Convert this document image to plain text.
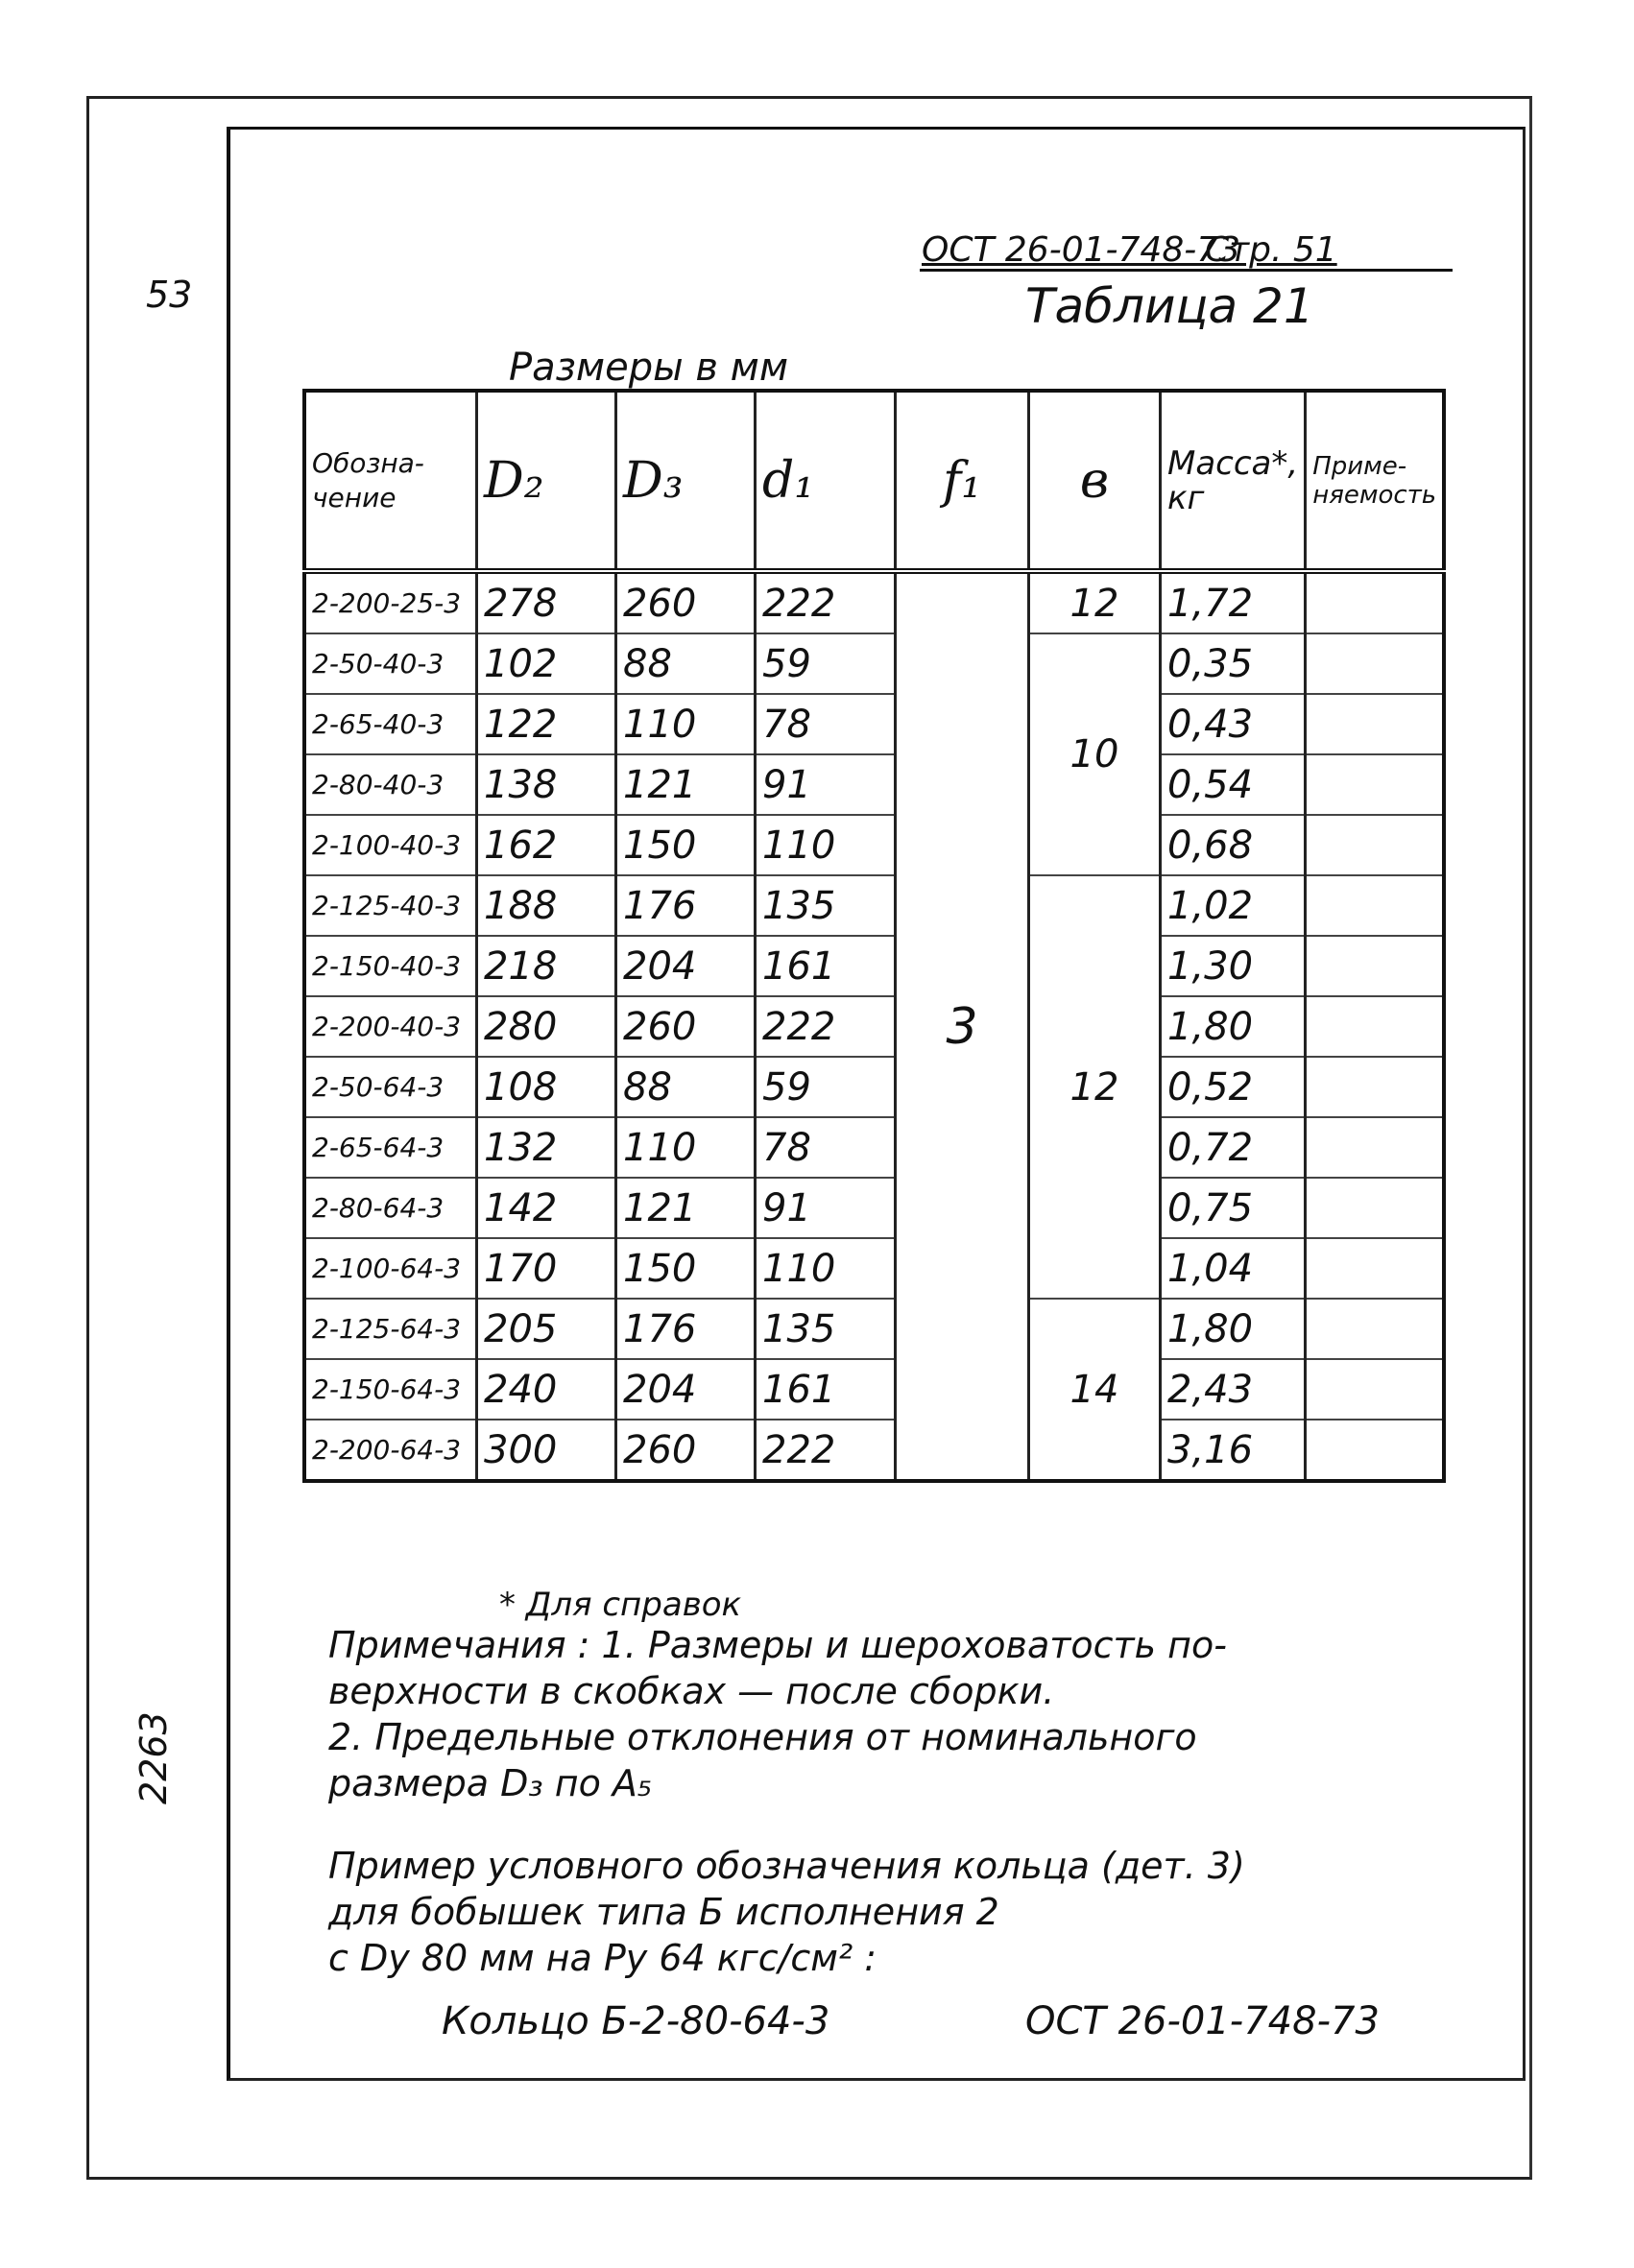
53
2263
ОСТ 26-01-748-73
Стр. 51
Таблица 21
Размеры в мм
Обозна-чение	D₂	D₃	d₁	f₁	в	Масса*, кг	Приме-няемость
2-200-25-3	278	260	222	3	12	1,72	
2-50-40-3	102	88	59		10	0,35	
2-65-40-3	122	110	78			0,43	
2-80-40-3	138	121	91			0,54	
2-100-40-3	162	150	110			0,68	
2-125-40-3	188	176	135		12	1,02	
2-150-40-3	218	204	161			1,30	
2-200-40-3	280	260	222			1,80	
2-50-64-3	108	88	59			0,52	
2-65-64-3	132	110	78			0,72	
2-80-64-3	142	121	91			0,75	
2-100-64-3	170	150	110			1,04	
2-125-64-3	205	176	135		14	1,80	
2-150-64-3	240	204	161			2,43	
2-200-64-3	300	260	222			3,16	
* Для справок
Примечания : 1. Размеры и шероховатость по-
верхности в скобках — после сборки.
2. Предельные отклонения от номинального
размера D₃ по A₅
Пример условного обозначения кольца (дет. 3)
для бобышек типа Б исполнения 2
с Dу 80 мм на Pу 64 кгс/см² :
Кольцо Б-2-80-64-3	ОСТ 26-01-748-73
